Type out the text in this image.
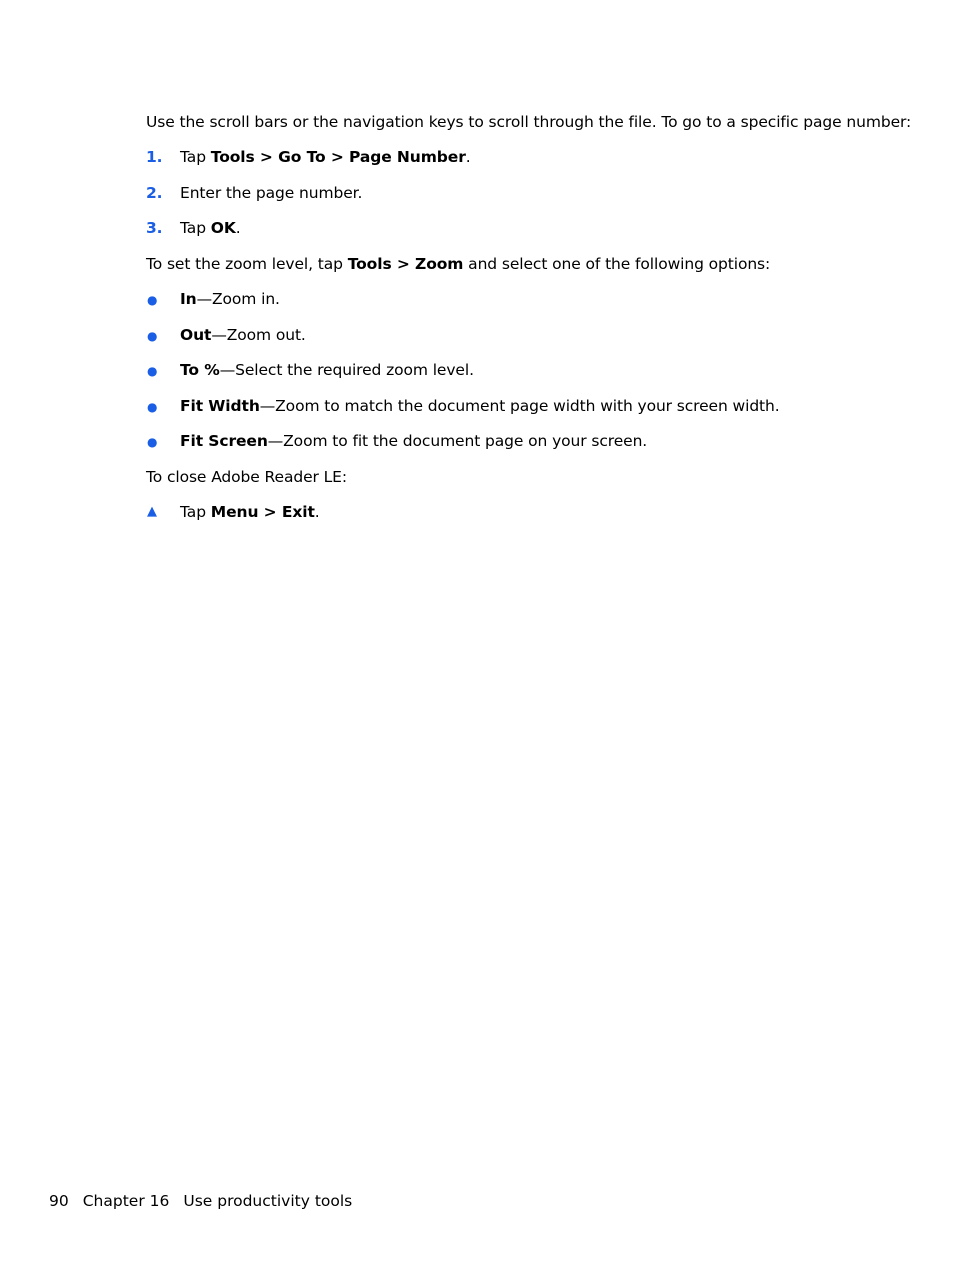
Use the scroll bars or the navigation keys to scroll through the file. To go to a specific page number:
1.	Tap Tools > Go To > Page Number.
2.	Enter the page number.
3.	Tap OK.
To set the zoom level, tap Tools > Zoom and select one of the following options:
●	In—Zoom in.
●	Out—Zoom out.
●	To %—Select the required zoom level.
●	Fit Width—Zoom to match the document page width with your screen width.
●	Fit Screen—Zoom to fit the document page on your screen.
To close Adobe Reader LE:
▲	Tap Menu > Exit.
90 Chapter 16 Use productivity tools
